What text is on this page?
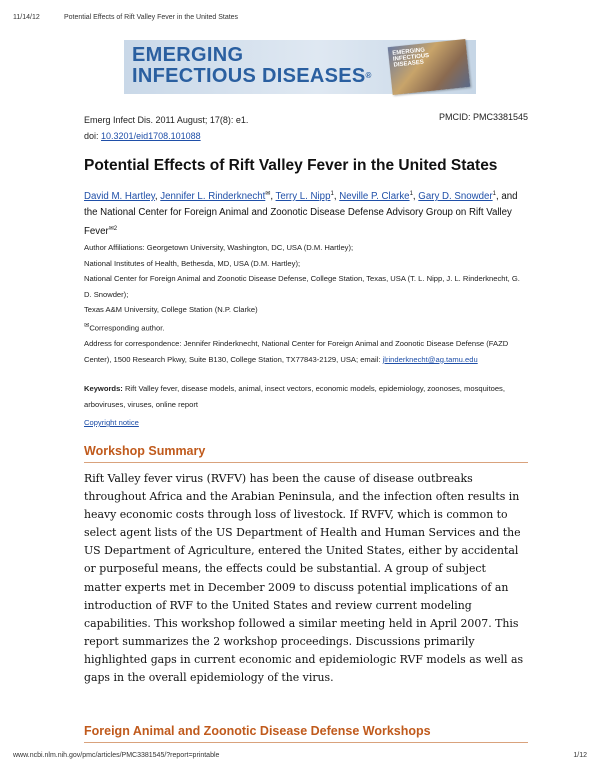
11/14/12	Potential Effects of Rift Valley Fever in the United States
EMERGING
INFECTIOUS DISEASES®
EMERGING INFECTIOUS DISEASES
Emerg Infect Dis. 2011 August; 17(8): e1.
doi: 10.3201/eid1708.101088
PMCID: PMC3381545
Potential Effects of Rift Valley Fever in the United States
David M. Hartley, Jennifer L. Rinderknecht✉, Terry L. Nipp$^1$, Neville P. Clarke$^1$, Gary D. Snowder$^1$, and the National Center for Foreign Animal and Zoonotic Disease Defense Advisory Group on Rift Valley Fever$^{✉2}$
Author Affiliations: Georgetown University, Washington, DC, USA (D.M. Hartley);
National Institutes of Health, Bethesda, MD, USA (D.M. Hartley);
National Center for Foreign Animal and Zoonotic Disease Defense, College Station, Texas, USA (T. L. Nipp, J. L. Rinderknecht, G. D. Snowder);
Texas A&M University, College Station (N.P. Clarke)
✉Corresponding author.
Address for correspondence: Jennifer Rinderknecht, National Center for Foreign Animal and Zoonotic Disease Defense (FAZD Center), 1500 Research Pkwy, Suite B130, College Station, TX77843-2129, USA; email: jlrinderknecht@ag.tamu.edu
Keywords: Rift Valley fever, disease models, animal, insect vectors, economic models, epidemiology, zoonoses, mosquitoes, arboviruses, viruses, online report
Copyright notice
Workshop Summary
Rift Valley fever virus (RVFV) has been the cause of disease outbreaks throughout Africa and the Arabian Peninsula, and the infection often results in heavy economic costs through loss of livestock. If RVFV, which is common to select agent lists of the US Department of Health and Human Services and the US Department of Agriculture, entered the United States, either by accidental or purposeful means, the effects could be substantial. A group of subject matter experts met in December 2009 to discuss potential implications of an introduction of RVF to the United States and review current modeling capabilities. This workshop followed a similar meeting held in April 2007. This report summarizes the 2 workshop proceedings. Discussions primarily highlighted gaps in current economic and epidemiologic RVF models as well as gaps in the overall epidemiology of the virus.
Foreign Animal and Zoonotic Disease Defense Workshops
www.ncbi.nlm.nih.gov/pmc/articles/PMC3381545/?report=printable	1/12
